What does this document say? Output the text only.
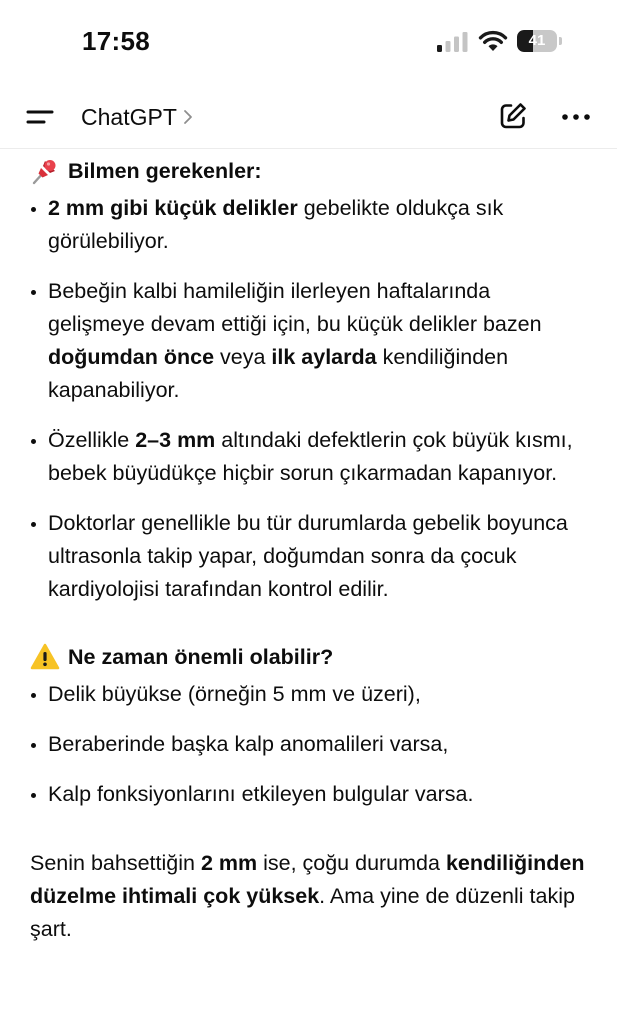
17:58	41
ChatGPT
Bilmen gerekenler:
2 mm gibi küçük delikler gebelikte oldukça sık görülebiliyor.
Bebeğin kalbi hamileliğin ilerleyen haftalarında gelişmeye devam ettiği için, bu küçük delikler bazen doğumdan önce veya ilk aylarda kendiliğinden kapanabiliyor.
Özellikle 2–3 mm altındaki defektlerin çok büyük kısmı, bebek büyüdükçe hiçbir sorun çıkarmadan kapanıyor.
Doktorlar genellikle bu tür durumlarda gebelik boyunca ultrasonla takip yapar, doğumdan sonra da çocuk kardiyolojisi tarafından kontrol edilir.
Ne zaman önemli olabilir?
Delik büyükse (örneğin 5 mm ve üzeri),
Beraberinde başka kalp anomalileri varsa,
Kalp fonksiyonlarını etkileyen bulgular varsa.

Senin bahsettiğin 2 mm ise, çoğu durumda kendiliğinden düzelme ihtimali çok yüksek. Ama yine de düzenli takip şart.
